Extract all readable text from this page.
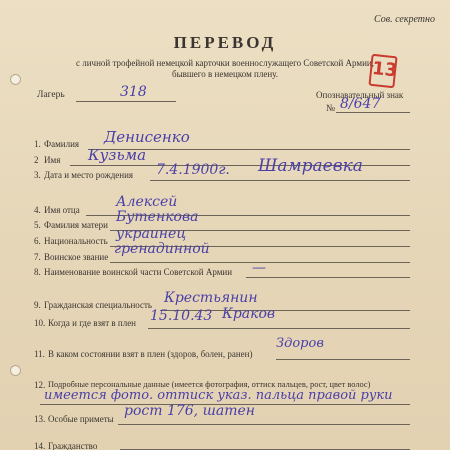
Сов. секретно
ПЕРЕВОД
с личной трофейной немецкой карточки военнослужащего Советской Армии,
бывшего в немецком плену.	13
Лагерь	318	Опознавательный знак
№ 8/647
1. Фамилия Денисенко
2 Имя Кузьма
3. Дата и место рождения 7.4.1900г. Шамраевка
4. Имя отца	Алексей
5. Фамилия матери Бутенкова
6. Национальность украинец
7. Воинское звание гренадинной
8. Наименование воинской части Советской Армии —
9. Гражданская специальность Крестьянин
10. Когда и где взят в плен 15.10.43 Краков
11. В каком состоянии взят в плен (здоров, болен, ранен)
Здоров
12. Подробные персональные данные (имеется фотография, оттиск пальцев, рост, цвет волос)
имеется фото. оттиск указ. пальца правой руки
13. Особые приметы рост 176, шатен
14. Гражданство
